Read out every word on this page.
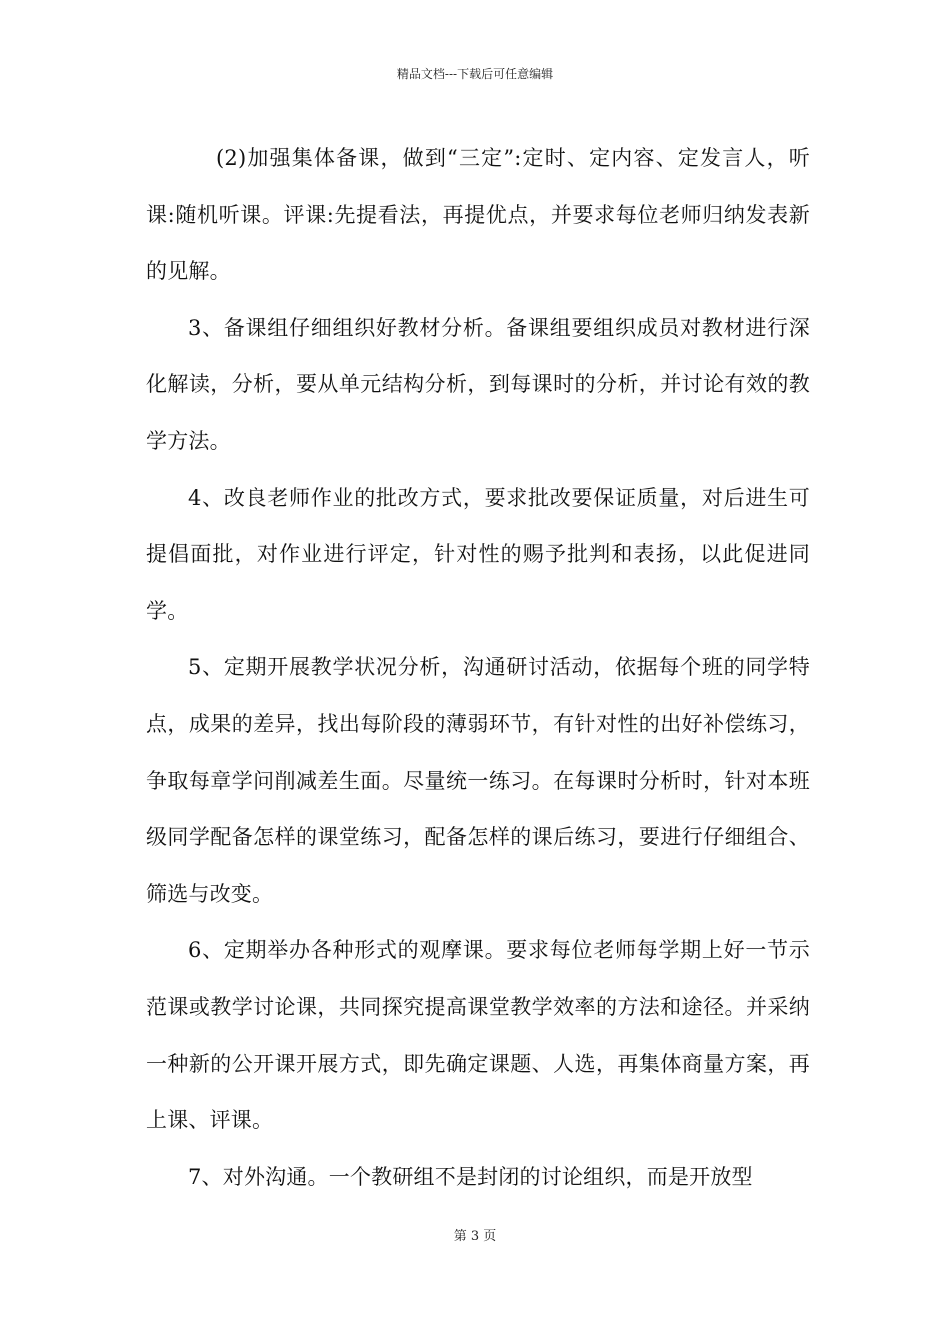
精品文档---下载后可任意编辑

(2)加强集体备课，做到“三定”:定时、定内容、定发言人，听课:随机听课。评课:先提看法，再提优点，并要求每位老师归纳发表新的见解。

3、备课组仔细组织好教材分析。备课组要组织成员对教材进行深化解读，分析，要从单元结构分析，到每课时的分析，并讨论有效的教学方法。

4、改良老师作业的批改方式，要求批改要保证质量，对后进生可提倡面批，对作业进行评定，针对性的赐予批判和表扬，以此促进同学。

5、定期开展教学状况分析，沟通研讨活动，依据每个班的同学特点，成果的差异，找出每阶段的薄弱环节，有针对性的出好补偿练习，争取每章学问削减差生面。尽量统一练习。在每课时分析时，针对本班级同学配备怎样的课堂练习，配备怎样的课后练习，要进行仔细组合、筛选与改变。

6、定期举办各种形式的观摩课。要求每位老师每学期上好一节示范课或教学讨论课，共同探究提高课堂教学效率的方法和途径。并采纳一种新的公开课开展方式，即先确定课题、人选，再集体商量方案，再上课、评课。

7、对外沟通。一个教研组不是封闭的讨论组织，而是开放型

第 3 页
